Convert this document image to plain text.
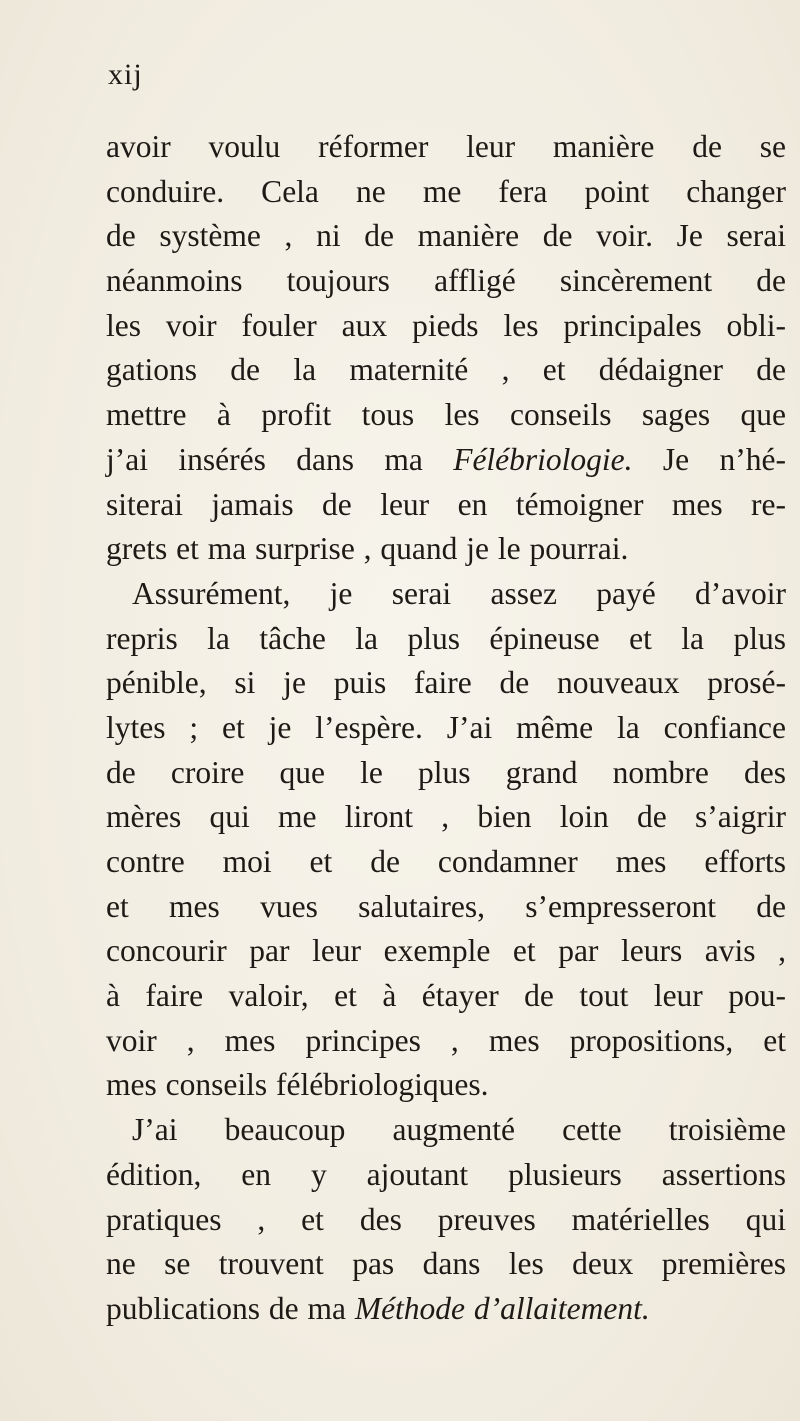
xij
avoir voulu réformer leur manière de se
conduire. Cela ne me fera point changer
de système , ni de manière de voir. Je serai
néanmoins toujours affligé sincèrement de
les voir fouler aux pieds les principales obli-
gations de la maternité , et dédaigner de
mettre à profit tous les conseils sages que
j’ai insérés dans ma Félébriologie. Je n’hé-
siterai jamais de leur en témoigner mes re-
grets et ma surprise , quand je le pourrai.
Assurément, je serai assez payé d’avoir
repris la tâche la plus épineuse et la plus
pénible, si je puis faire de nouveaux prosé-
lytes ; et je l’espère. J’ai même la confiance
de croire que le plus grand nombre des
mères qui me liront , bien loin de s’aigrir
contre moi et de condamner mes efforts
et mes vues salutaires, s’empresseront de
concourir par leur exemple et par leurs avis ,
à faire valoir, et à étayer de tout leur pou-
voir , mes principes , mes propositions, et
mes conseils félébriologiques.
J’ai beaucoup augmenté cette troisième
édition, en y ajoutant plusieurs assertions
pratiques , et des preuves matérielles qui
ne se trouvent pas dans les deux premières
publications de ma Méthode d’allaitement.
